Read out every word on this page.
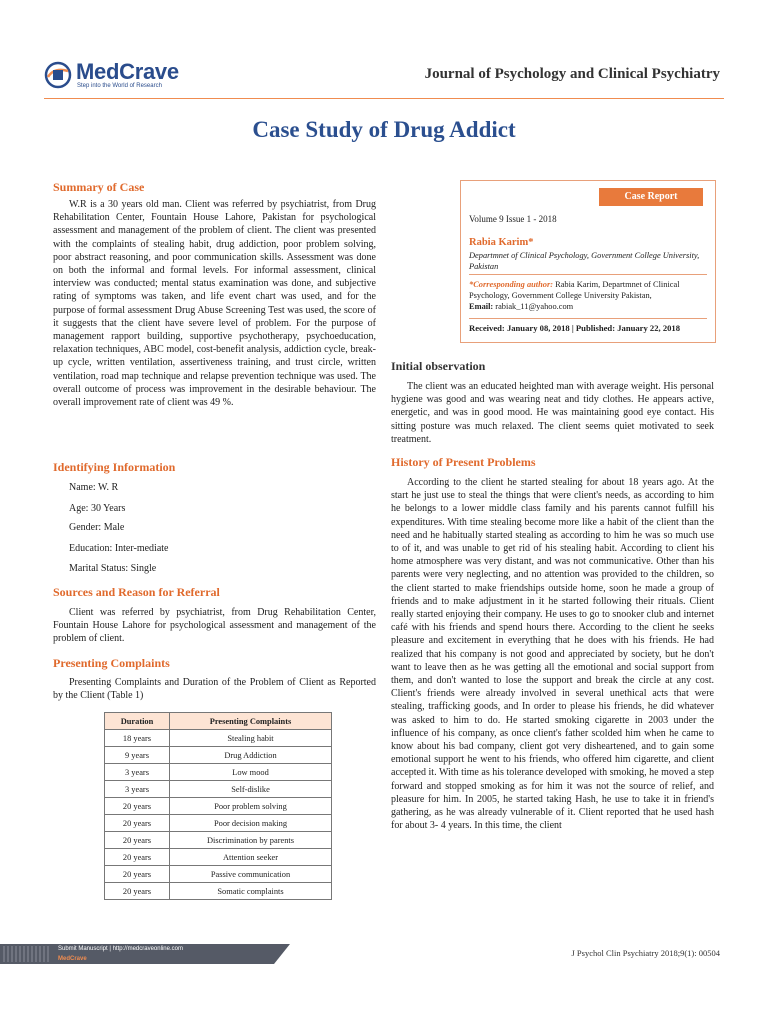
MedCrave
Step into the World of Research
Journal of Psychology and Clinical Psychiatry
Case Study of Drug Addict
Summary of Case
W.R is a 30 years old man. Client was referred by psychiatrist, from Drug Rehabilitation Center, Fountain House Lahore, Pakistan for psychological assessment and management of the problem of client. The client was presented with the complaints of stealing habit, drug addiction, poor problem solving, poor abstract reasoning, and poor communication skills. Assessment was done on both the informal and formal levels. For informal assessment, clinical interview was conducted; mental status examination was done, and subjective rating of symptoms was taken, and life event chart was used, and for the purpose of formal assessment Drug Abuse Screening Test was used, the score of it suggests that the client have severe level of problem. For the purpose of management rapport building, supportive psychotherapy, psychoeducation, relaxation techniques, ABC model, cost-benefit analysis, addiction cycle, break-up cycle, written ventilation, assertiveness training, and trust circle, written ventilation, road map technique and relapse prevention technique was used. The overall outcome of process was improvement in the desirable behaviour. The overall improvement rate of client was 49 %.
Identifying Information
Name: W. R
Age: 30 Years
Gender: Male
Education: Inter-mediate
Marital Status: Single
Sources and Reason for Referral
Client was referred by psychiatrist, from Drug Rehabilitation Center, Fountain House Lahore for psychological assessment and management of the problem of client.
Presenting Complaints
Presenting Complaints and Duration of the Problem of Client as Reported by the Client (Table 1)
Duration	Presenting Complaints
18 years	Stealing habit
9 years	Drug Addiction
3 years	Low mood
3 years	Self-dislike
20 years	Poor problem solving
20 years	Poor decision making
20 years	Discrimination by parents
20 years	Attention seeker
20 years	Passive communication
20 years	Somatic complaints
Case Report
Volume 9 Issue 1 - 2018
Rabia Karim*
Departmnet of Clinical Psychology, Government College University, Pakistan
*Corresponding author: Rabia Karim, Departmnet of Clinical Psychology, Government College University Pakistan,
Email: rabiak_11@yahoo.com
Received: January 08, 2018 | Published: January 22, 2018
Initial observation
The client was an educated heighted man with average weight. His personal hygiene was good and was wearing neat and tidy clothes. He appears active, energetic, and was in good mood. He was maintaining good eye contact. His sitting posture was much relaxed. The client seems quiet motivated to seek treatment.
History of Present Problems
According to the client he started stealing for about 18 years ago. At the start he just use to steal the things that were client's needs, as according to him he belongs to a lower middle class family and his parents cannot fulfill his expenditures. With time stealing become more like a habit of the client than the need and he habitually started stealing as according to him he was so much use to of it, and was unable to get rid of his stealing habit. According to client his home atmosphere was very distant, and was not communicative. Other than his parents were very neglecting, and no attention was provided to the children, so the client started to make friendships outside home, soon he made a group of friends and to make adjustment in it he started following their rituals. Client really started enjoying their company. He uses to go to snooker club and internet café with his friends and spend hours there. According to the client he seeks pleasure and excitement in everything that he does with his friends. He had realized that his company is not good and appreciated by society, but he don't want to leave then as he was getting all the emotional and social support from them, and don't wanted to lose the support and break the circle at any cost. Client's friends were already involved in several unethical acts that were stealing, trafficking goods, and In order to please his friends, he did whatever was asked to him to do. He started smoking cigarette in 2003 under the influence of his company, as once client's father scolded him when he came to know about his bad company, client got very disheartened, and to gain some emotional support he went to his friends, who offered him cigarette, and client accepted it. With time as his tolerance developed with smoking, he moved a step forward and stopped smoking as for him it was not the source of relief, and pleasure for him. In 2005, he started taking Hash, he use to take it in friend's gathering, as he was already vulnerable of it. Client reported that he used hash for about 3- 4 years. In this time, the client
Submit Manuscript | http://medcraveonline.com
MedCrave
J Psychol Clin Psychiatry 2018;9(1): 00504
